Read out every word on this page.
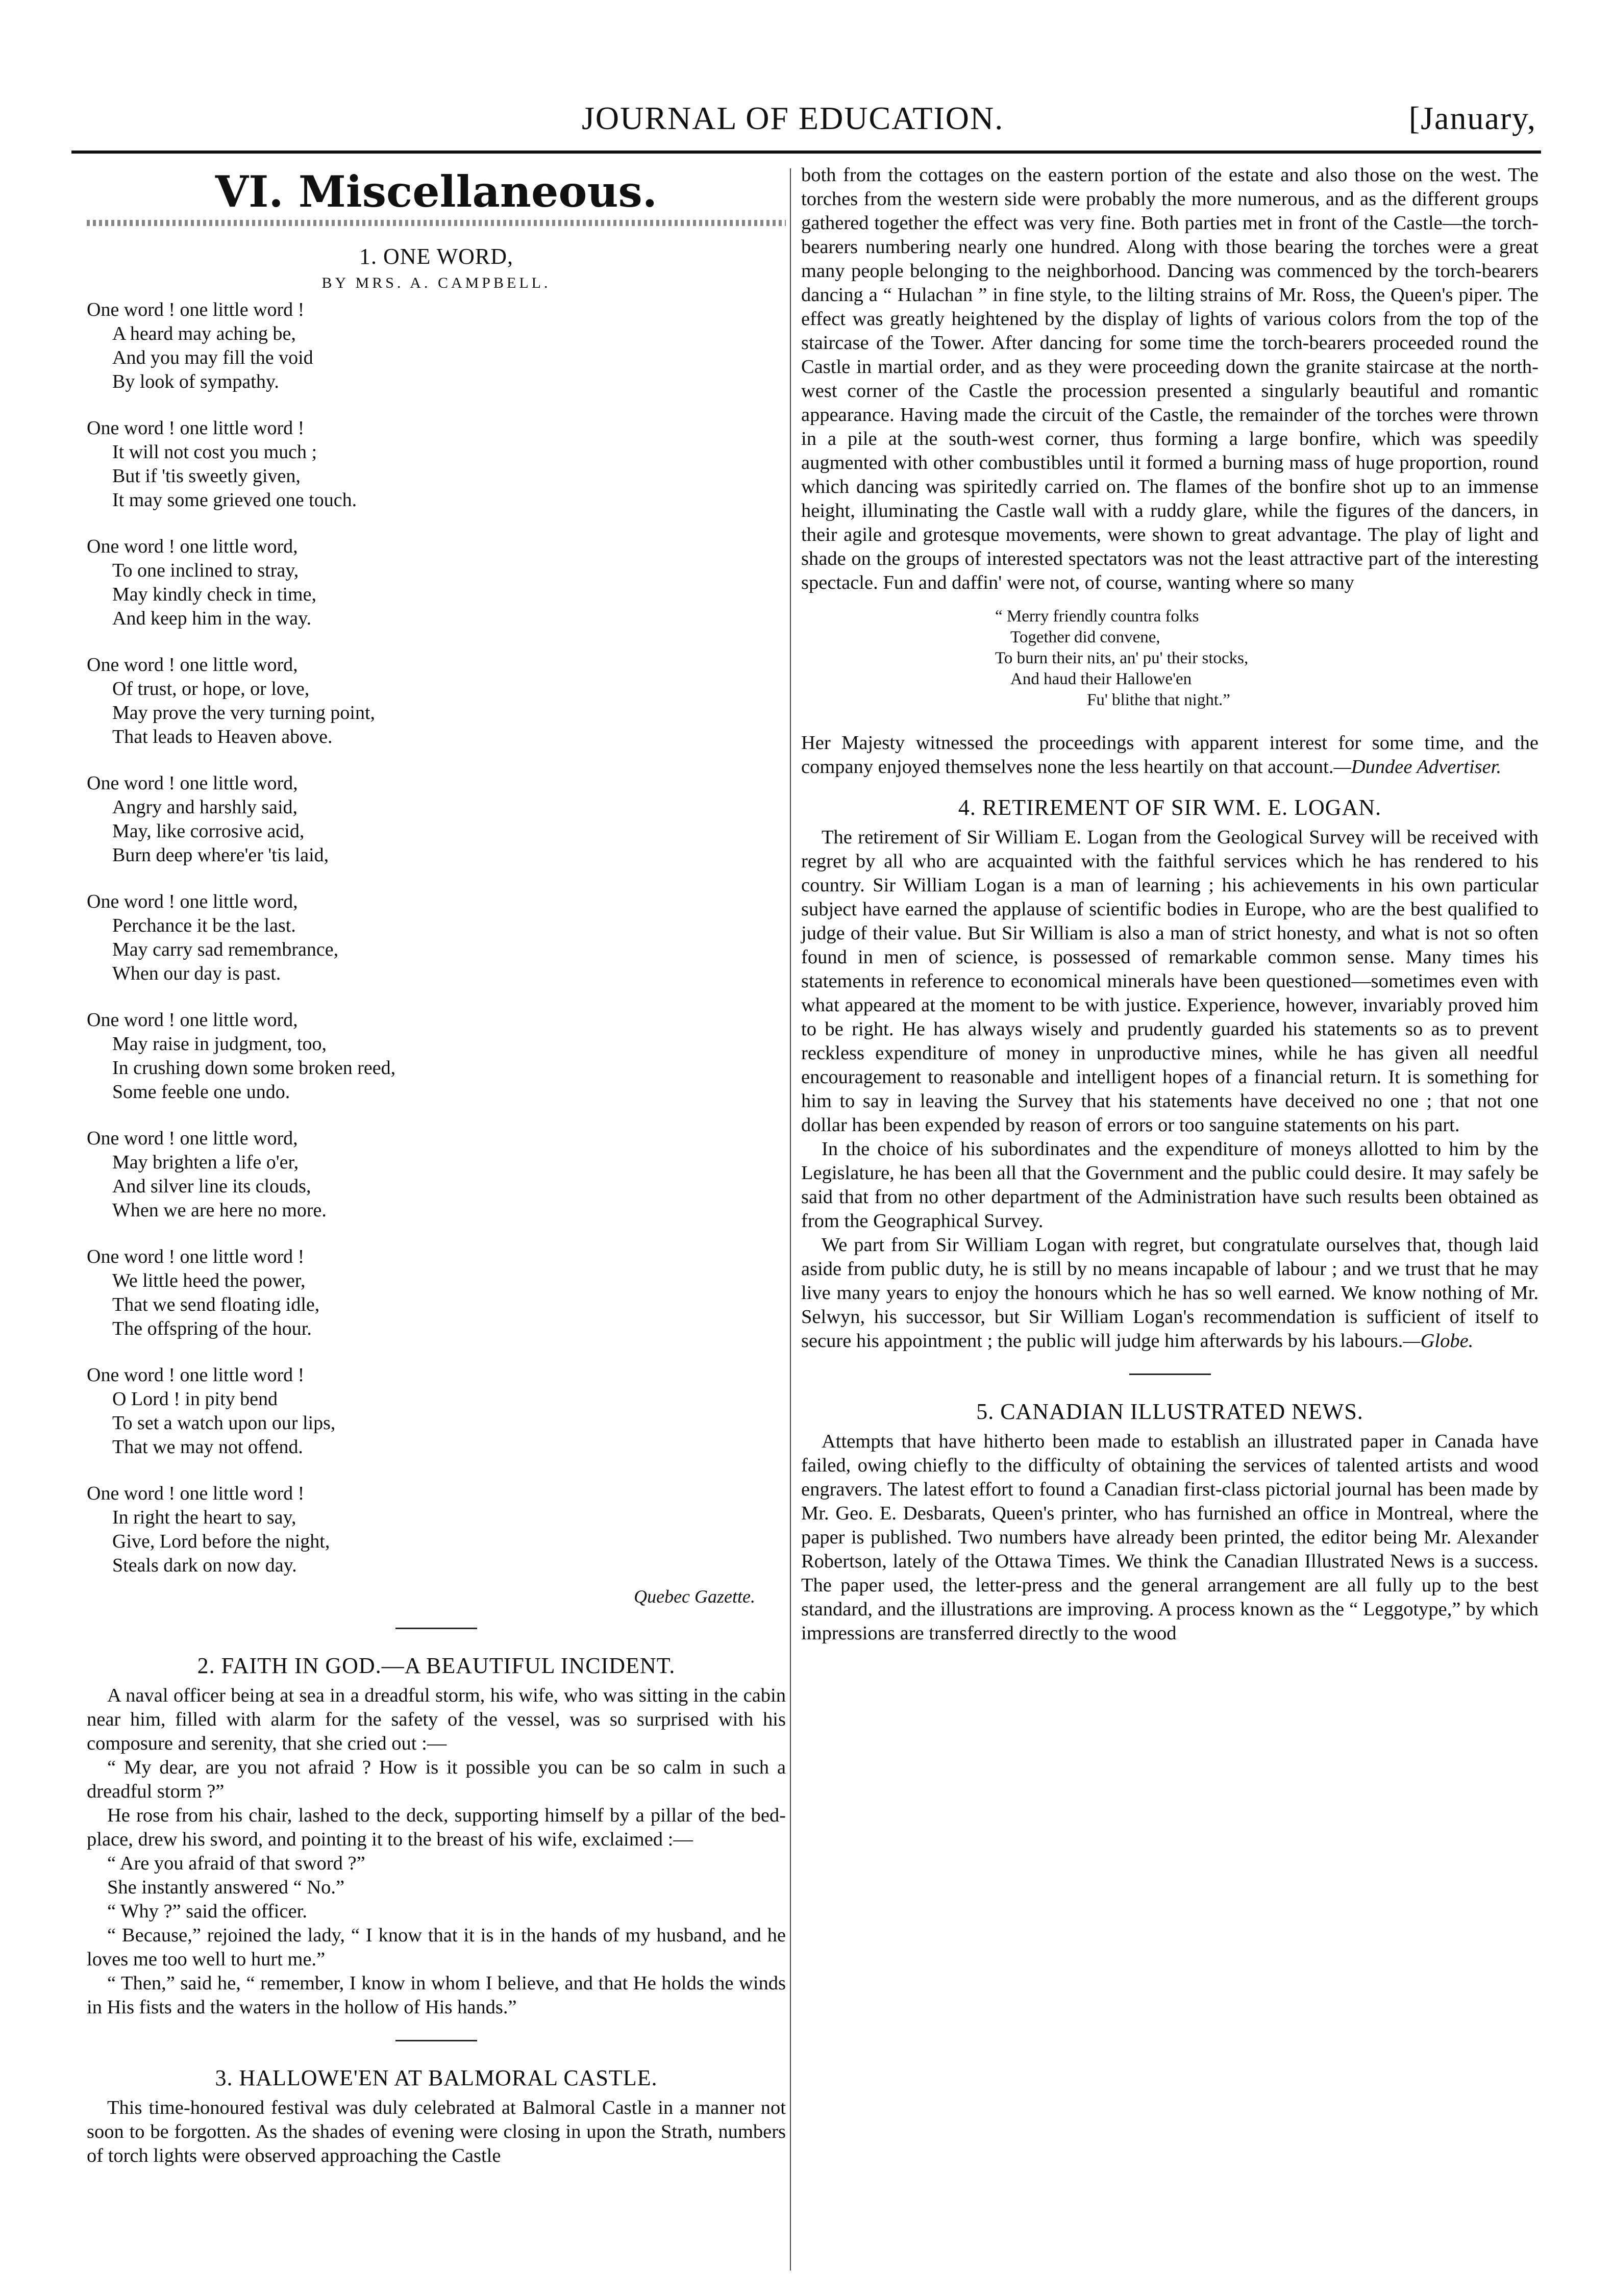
JOURNAL OF EDUCATION.	[January,
VI. Miscellaneous.
1. ONE WORD,
BY MRS. A. CAMPBELL.
One word ! one little word !
A heard may aching be,
And you may fill the void
By look of sympathy.
One word ! one little word !
It will not cost you much ;
But if 'tis sweetly given,
It may some grieved one touch.
One word ! one little word,
To one inclined to stray,
May kindly check in time,
And keep him in the way.
One word ! one little word,
Of trust, or hope, or love,
May prove the very turning point,
That leads to Heaven above.
One word ! one little word,
Angry and harshly said,
May, like corrosive acid,
Burn deep where'er 'tis laid,
One word ! one little word,
Perchance it be the last.
May carry sad remembrance,
When our day is past.
One word ! one little word,
May raise in judgment, too,
In crushing down some broken reed,
Some feeble one undo.
One word ! one little word,
May brighten a life o'er,
And silver line its clouds,
When we are here no more.
One word ! one little word !
We little heed the power,
That we send floating idle,
The offspring of the hour.
One word ! one little word !
O Lord ! in pity bend
To set a watch upon our lips,
That we may not offend.
One word ! one little word !
In right the heart to say,
Give, Lord before the night,
Steals dark on now day.
Quebec Gazette.
2. FAITH IN GOD.—A BEAUTIFUL INCIDENT.

A naval officer being at sea in a dreadful storm, his wife, who was sitting in the cabin near him, filled with alarm for the safety of the vessel, was so surprised with his composure and serenity, that she cried out :—

“ My dear, are you not afraid ? How is it possible you can be so calm in such a dreadful storm ?”

He rose from his chair, lashed to the deck, supporting himself by a pillar of the bed-place, drew his sword, and pointing it to the breast of his wife, exclaimed :—

“ Are you afraid of that sword ?”

She instantly answered “ No.”

“ Why ?” said the officer.

“ Because,” rejoined the lady, “ I know that it is in the hands of my husband, and he loves me too well to hurt me.”

“ Then,” said he, “ remember, I know in whom I believe, and that He holds the winds in His fists and the waters in the hollow of His hands.”

3. HALLOWE'EN AT BALMORAL CASTLE.

This time-honoured festival was duly celebrated at Balmoral Castle in a manner not soon to be forgotten. As the shades of evening were closing in upon the Strath, numbers of torch lights were observed approaching the Castle

both from the cottages on the eastern portion of the estate and also those on the west. The torches from the western side were probably the more numerous, and as the different groups gathered together the effect was very fine. Both parties met in front of the Castle—the torch-bearers numbering nearly one hundred. Along with those bearing the torches were a great many people belonging to the neighborhood. Dancing was commenced by the torch-bearers dancing a “ Hulachan ” in fine style, to the lilting strains of Mr. Ross, the Queen's piper. The effect was greatly heightened by the display of lights of various colors from the top of the staircase of the Tower. After dancing for some time the torch-bearers proceeded round the Castle in martial order, and as they were proceeding down the granite staircase at the north-west corner of the Castle the procession presented a singularly beautiful and romantic appearance. Having made the circuit of the Castle, the remainder of the torches were thrown in a pile at the south-west corner, thus forming a large bonfire, which was speedily augmented with other combustibles until it formed a burning mass of huge proportion, round which dancing was spiritedly carried on. The flames of the bonfire shot up to an immense height, illuminating the Castle wall with a ruddy glare, while the figures of the dancers, in their agile and grotesque movements, were shown to great advantage. The play of light and shade on the groups of interested spectators was not the least attractive part of the interesting spectacle. Fun and daffin' were not, of course, wanting where so many

“ Merry friendly countra folks
Together did convene,
To burn their nits, an' pu' their stocks,
And haud their Hallowe'en
Fu' blithe that night.”

Her Majesty witnessed the proceedings with apparent interest for some time, and the company enjoyed themselves none the less heartily on that account.—Dundee Advertiser.

4. RETIREMENT OF SIR WM. E. LOGAN.

The retirement of Sir William E. Logan from the Geological Survey will be received with regret by all who are acquainted with the faithful services which he has rendered to his country. Sir William Logan is a man of learning ; his achievements in his own particular subject have earned the applause of scientific bodies in Europe, who are the best qualified to judge of their value. But Sir William is also a man of strict honesty, and what is not so often found in men of science, is possessed of remarkable common sense. Many times his statements in reference to economical minerals have been questioned—sometimes even with what appeared at the moment to be with justice. Experience, however, invariably proved him to be right. He has always wisely and prudently guarded his statements so as to prevent reckless expenditure of money in unproductive mines, while he has given all needful encouragement to reasonable and intelligent hopes of a financial return. It is something for him to say in leaving the Survey that his statements have deceived no one ; that not one dollar has been expended by reason of errors or too sanguine statements on his part.

In the choice of his subordinates and the expenditure of moneys allotted to him by the Legislature, he has been all that the Government and the public could desire. It may safely be said that from no other department of the Administration have such results been obtained as from the Geographical Survey.

We part from Sir William Logan with regret, but congratulate ourselves that, though laid aside from public duty, he is still by no means incapable of labour ; and we trust that he may live many years to enjoy the honours which he has so well earned. We know nothing of Mr. Selwyn, his successor, but Sir William Logan's recommendation is sufficient of itself to secure his appointment ; the public will judge him afterwards by his labours.—Globe.

5. CANADIAN ILLUSTRATED NEWS.

Attempts that have hitherto been made to establish an illustrated paper in Canada have failed, owing chiefly to the difficulty of obtaining the services of talented artists and wood engravers. The latest effort to found a Canadian first-class pictorial journal has been made by Mr. Geo. E. Desbarats, Queen's printer, who has furnished an office in Montreal, where the paper is published. Two numbers have already been printed, the editor being Mr. Alexander Robertson, lately of the Ottawa Times. We think the Canadian Illustrated News is a success. The paper used, the letter-press and the general arrangement are all fully up to the best standard, and the illustrations are improving. A process known as the “ Leggotype,” by which impressions are transferred directly to the wood
